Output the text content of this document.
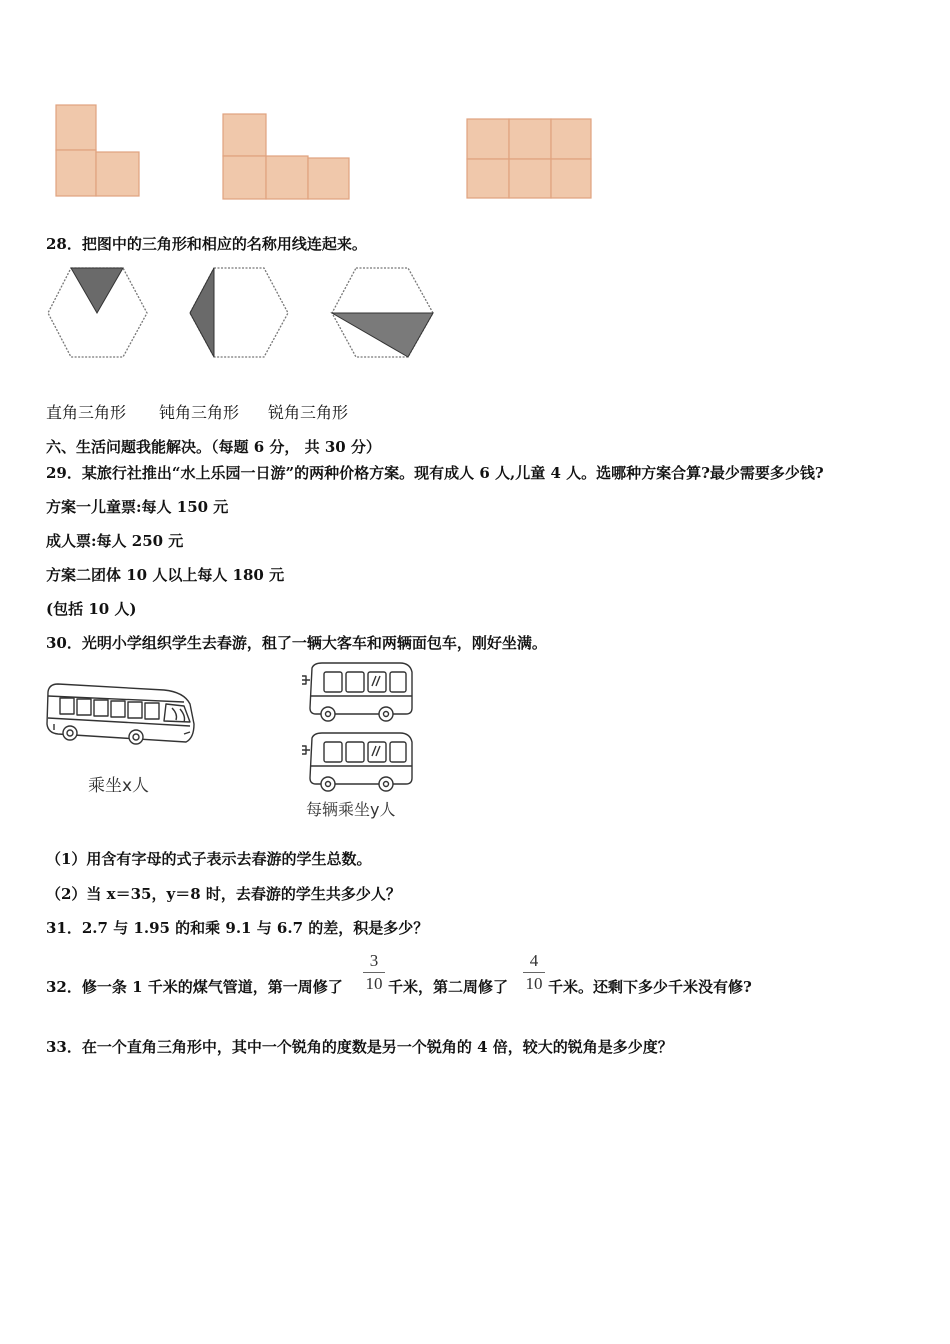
28．把图中的三角形和相应的名称用线连起来。
直角三角形 钝角三角形 锐角三角形
六、生活问题我能解决。（每题 6 分， 共 30 分）
29．某旅行社推出“水上乐园一日游”的两种价格方案。现有成人 6 人,儿童 4 人。选哪种方案合算?最少需要多少钱?
方案一儿童票:每人 150 元
成人票:每人 250 元
方案二团体 10 人以上每人 180 元
(包括 10 人)
30．光明小学组织学生去春游，租了一辆大客车和两辆面包车，刚好坐满。
乘坐x人
每辆乘坐y人
（1）用含有字母的式子表示去春游的学生总数。
（2）当 x＝35，y＝8 时，去春游的学生共多少人？
31．2.7 与 1.95 的和乘 9.1 与 6.7 的差，积是多少？
32．修一条 1 千米的煤气管道，第一周修了
3
10 千米，第二周修了
4
10 千米。还剩下多少千米没有修?
33．在一个直角三角形中，其中一个锐角的度数是另一个锐角的 4 倍，较大的锐角是多少度？
